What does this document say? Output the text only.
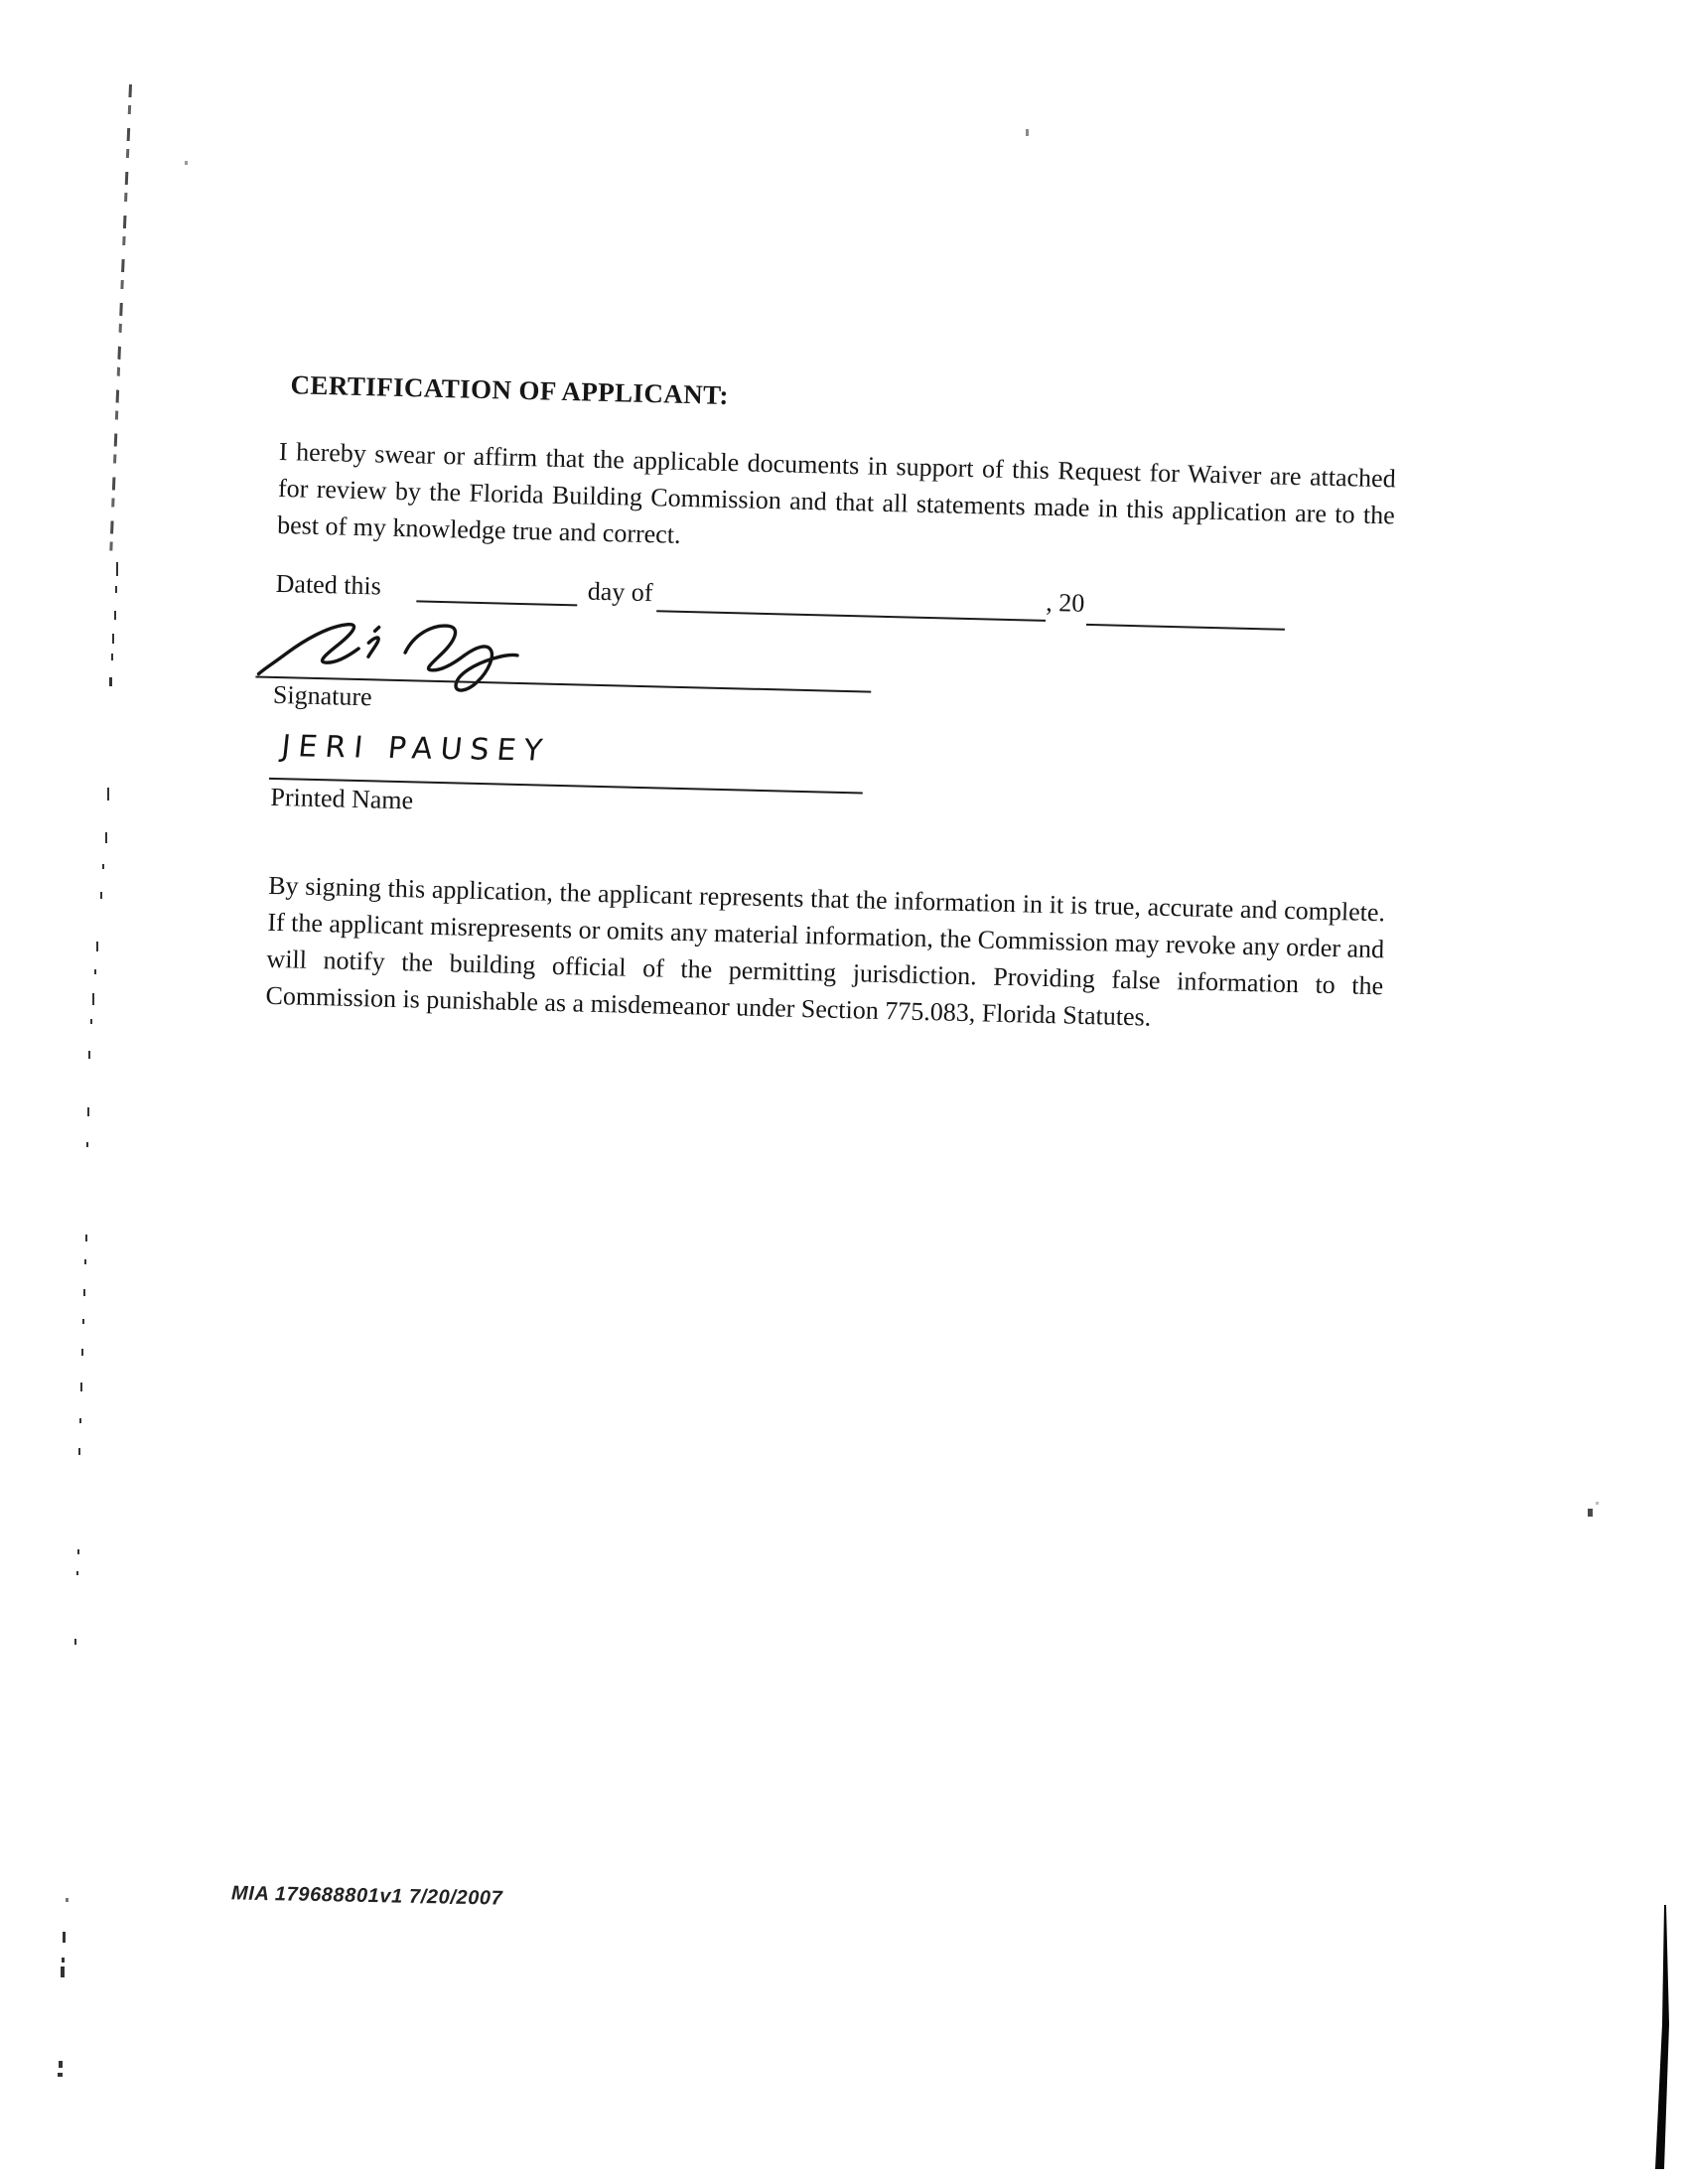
CERTIFICATION OF APPLICANT:

I hereby swear or affirm that the applicable documents in support of this Request for Waiver are attached for review by the Florida Building Commission and that all statements made in this application are to the best of my knowledge true and correct.

Dated this	day of	, 20
Signature
JERI PAUSEY
Printed Name

By signing this application, the applicant represents that the information in it is true, accurate and complete. If the applicant misrepresents or omits any material information, the Commission may revoke any order and will notify the building official of the permitting jurisdiction. Providing false information to the Commission is punishable as a misdemeanor under Section 775.083, Florida Statutes.

MIA 179688801v1 7/20/2007
